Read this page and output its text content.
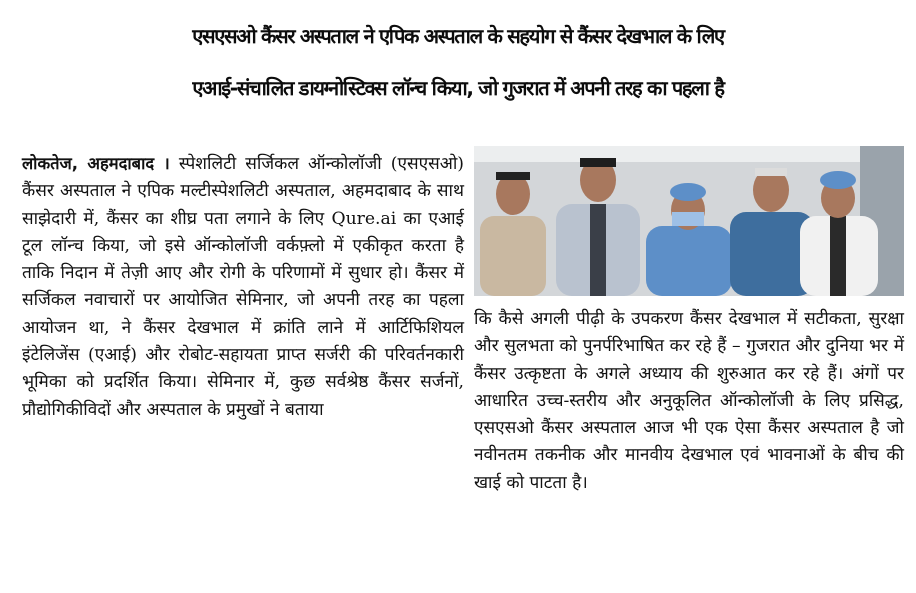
एसएसओ कैंसर अस्पताल ने एपिक अस्पताल के सहयोग से कैंसर देखभाल के लिए
एआई-संचालित डायग्नोस्टिक्स लॉन्च किया, जो गुजरात में अपनी तरह का पहला है

लोकतेज, अहमदाबाद । स्पेशलिटी सर्जिकल ऑन्कोलॉजी (एसएसओ) कैंसर अस्पताल ने एपिक मल्टीस्पेशलिटी अस्पताल, अहमदाबाद के साथ साझेदारी में, कैंसर का शीघ्र पता लगाने के लिए Qure.ai का एआई टूल लॉन्च किया, जो इसे ऑन्कोलॉजी वर्कफ़्लो में एकीकृत करता है ताकि निदान में तेज़ी आए और रोगी के परिणामों में सुधार हो। कैंसर में सर्जिकल नवाचारों पर आयोजित सेमिनार, जो अपनी तरह का पहला आयोजन था, ने कैंसर देखभाल में क्रांति लाने में आर्टिफिशियल इंटेलिजेंस (एआई) और रोबोट-सहायता प्राप्त सर्जरी की परिवर्तनकारी भूमिका को प्रदर्शित किया। सेमिनार में, कुछ सर्वश्रेष्ठ कैंसर सर्जनों, प्रौद्योगिकीविदों और अस्पताल के प्रमुखों ने बताया

कि कैसे अगली पीढ़ी के उपकरण कैंसर देखभाल में सटीकता, सुरक्षा और सुलभता को पुनर्परिभाषित कर रहे हैं – गुजरात और दुनिया भर में कैंसर उत्कृष्टता के अगले अध्याय की शुरुआत कर रहे हैं। अंगों पर आधारित उच्च-स्तरीय और अनुकूलित ऑन्कोलॉजी के लिए प्रसिद्ध, एसएसओ कैंसर अस्पताल आज भी एक ऐसा कैंसर अस्पताल है जो नवीनतम तकनीक और मानवीय देखभाल एवं भावनाओं के बीच की खाई को पाटता है।
